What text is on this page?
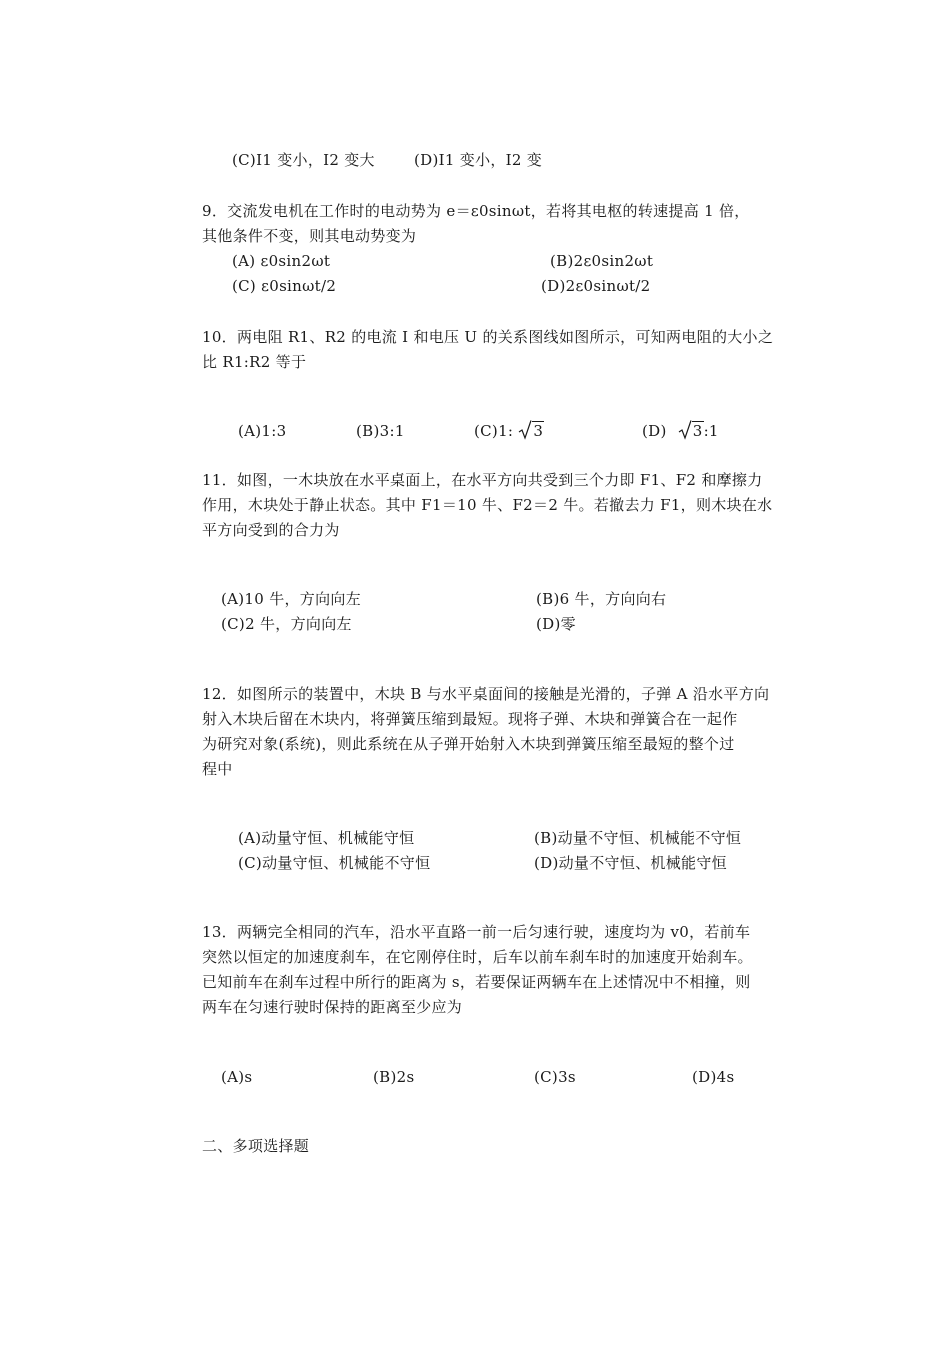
(C)I1 变小，I2 变大	(D)I1 变小，I2 变
9．交流发电机在工作时的电动势为 e＝ε0sinωt，若将其电枢的转速提高 1 倍，
其他条件不变，则其电动势变为
(A) ε0sin2ωt	(B)2ε0sin2ωt
(C) ε0sinωt/2	(D)2ε0sinωt/2
10．两电阻 R1、R2 的电流 I 和电压 U 的关系图线如图所示，可知两电阻的大小之
比 R1:R2 等于
(A)1:3	(B)3:1	(C)1: 3	(D) 3:1
11．如图，一木块放在水平桌面上，在水平方向共受到三个力即 F1、F2 和摩擦力
作用，木块处于静止状态。其中 F1＝10 牛、F2＝2 牛。若撤去力 F1，则木块在水
平方向受到的合力为
(A)10 牛，方向向左	(B)6 牛，方向向右
(C)2 牛，方向向左	(D)零
12．如图所示的装置中，木块 B 与水平桌面间的接触是光滑的，子弹 A 沿水平方向
射入木块后留在木块内，将弹簧压缩到最短。现将子弹、木块和弹簧合在一起作
为研究对象(系统)，则此系统在从子弹开始射入木块到弹簧压缩至最短的整个过
程中
(A)动量守恒、机械能守恒	(B)动量不守恒、机械能不守恒
(C)动量守恒、机械能不守恒	(D)动量不守恒、机械能守恒
13．两辆完全相同的汽车，沿水平直路一前一后匀速行驶，速度均为 v0，若前车
突然以恒定的加速度刹车，在它刚停住时，后车以前车刹车时的加速度开始刹车。
已知前车在刹车过程中所行的距离为 s，若要保证两辆车在上述情况中不相撞，则
两车在匀速行驶时保持的距离至少应为
(A)s	(B)2s	(C)3s	(D)4s
二、多项选择题
